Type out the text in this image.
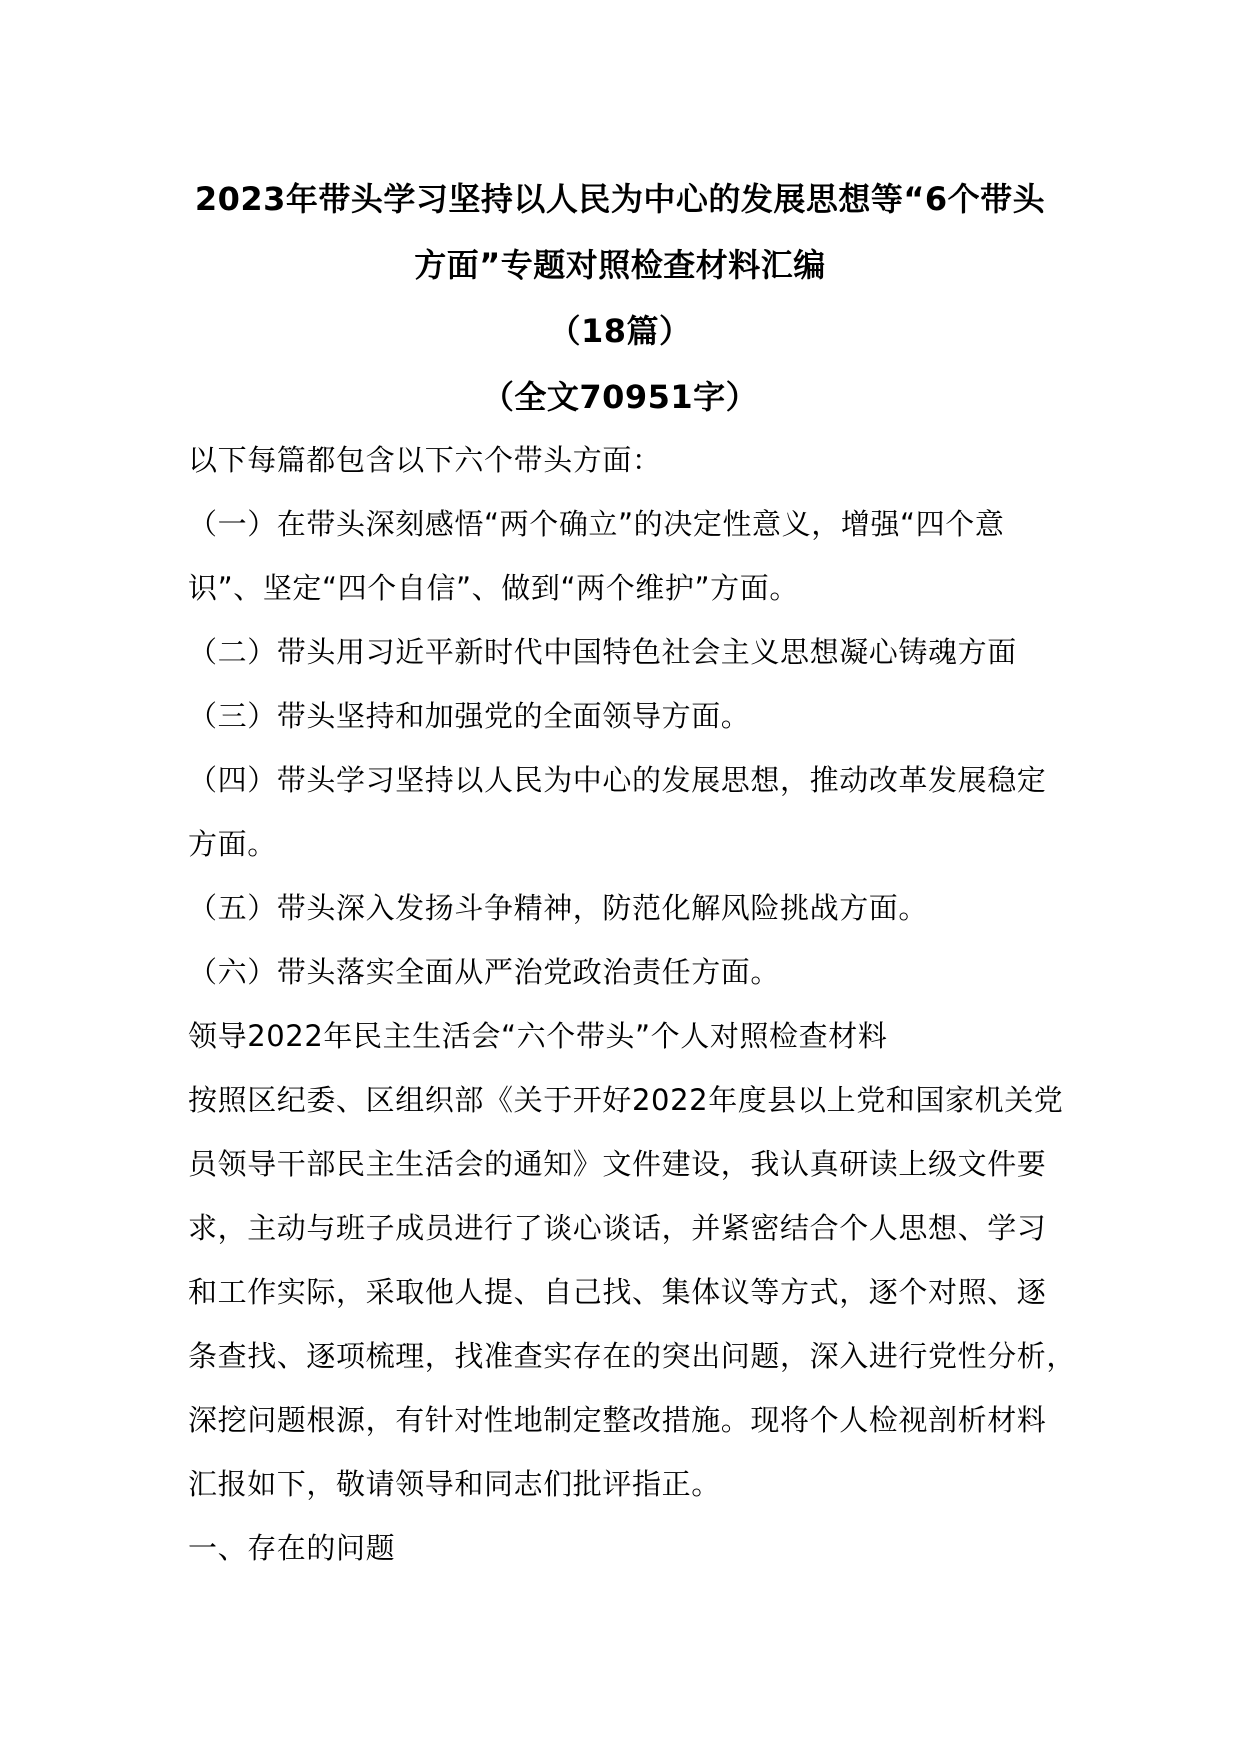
2023年带头学习坚持以人民为中心的发展思想等“6个带头
方面”专题对照检查材料汇编
（18篇）
（全文70951字）
以下每篇都包含以下六个带头方面：
（一）在带头深刻感悟“两个确立”的决定性意义，增强“四个意
识”、坚定“四个自信”、做到“两个维护”方面。
（二）带头用习近平新时代中国特色社会主义思想凝心铸魂方面
（三）带头坚持和加强党的全面领导方面。
（四）带头学习坚持以人民为中心的发展思想，推动改革发展稳定
方面。
（五）带头深入发扬斗争精神，防范化解风险挑战方面。
（六）带头落实全面从严治党政治责任方面。
领导2022年民主生活会“六个带头”个人对照检查材料
按照区纪委、区组织部《关于开好2022年度县以上党和国家机关党
员领导干部民主生活会的通知》文件建设，我认真研读上级文件要
求，主动与班子成员进行了谈心谈话，并紧密结合个人思想、学习
和工作实际，采取他人提、自己找、集体议等方式，逐个对照、逐
条查找、逐项梳理，找准查实存在的突出问题，深入进行党性分析，
深挖问题根源，有针对性地制定整改措施。现将个人检视剖析材料
汇报如下，敬请领导和同志们批评指正。
一、存在的问题
